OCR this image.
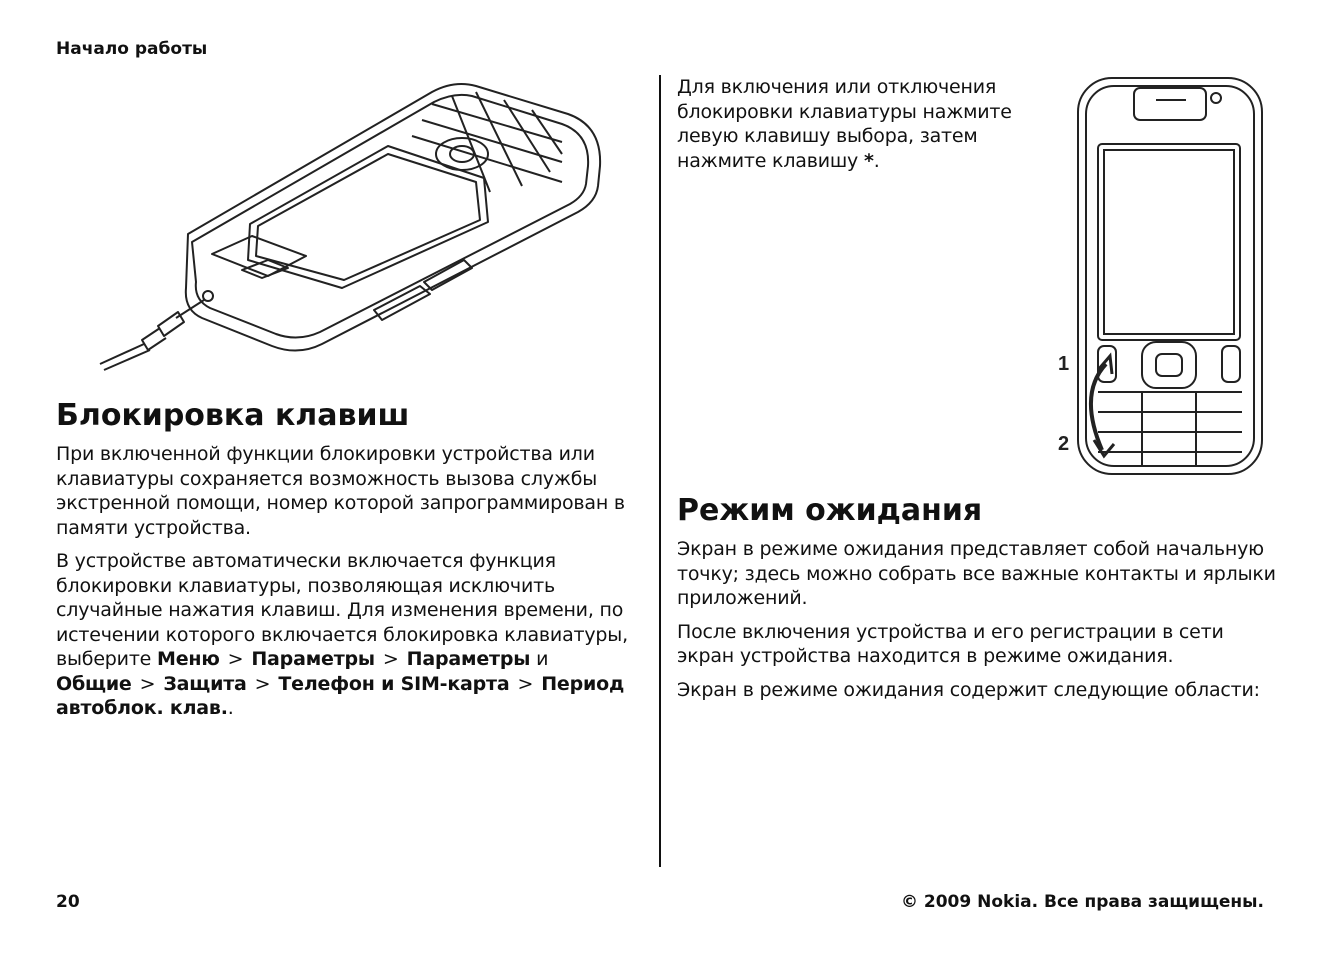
Начало работы
1
2
Блокировка клавиш

При включенной функции блокировки устройства или клавиатуры сохраняется возможность вызова службы экстренной помощи, номер которой запрограммирован в памяти устройства.

В устройстве автоматически включается функция блокировки клавиатуры, позволяющая исключить случайные нажатия клавиш. Для изменения времени, по истечении которого включается блокировка клавиатуры, выберите Меню > Параметры > Параметры и Общие > Защита > Телефон и SIM-карта > Период автоблок. клав..

Для включения или отключения блокировки клавиатуры нажмите левую клавишу выбора, затем нажмите клавишу *.

Режим ожидания

Экран в режиме ожидания представляет собой начальную точку; здесь можно собрать все важные контакты и ярлыки приложений.

После включения устройства и его регистрации в сети экран устройства находится в режиме ожидания.

Экран в режиме ожидания содержит следующие области:

20	© 2009 Nokia. Все права защищены.
